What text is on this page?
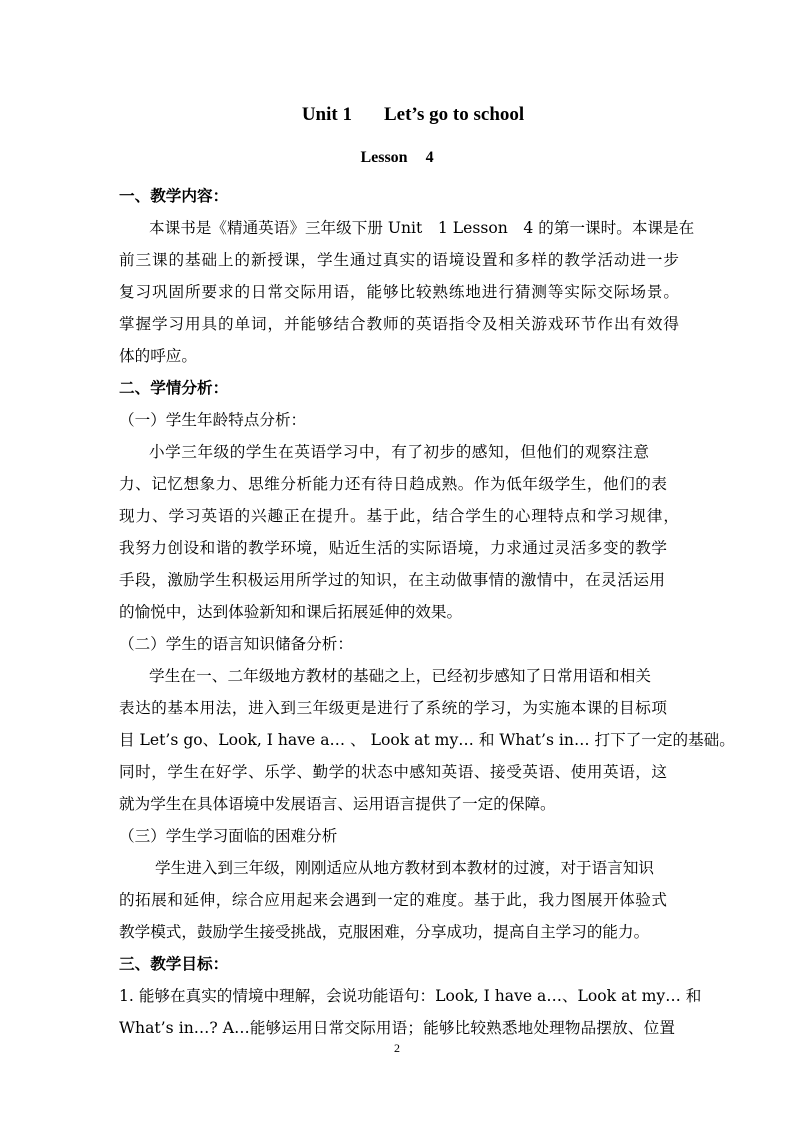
Unit 1 Let’s go to school
Lesson 4
一、教学内容：
本课书是《精通英语》三年级下册 Unit　1 Lesson　4 的第一课时。本课是在
前三课的基础上的新授课，学生通过真实的语境设置和多样的教学活动进一步
复习巩固所要求的日常交际用语，能够比较熟练地进行猜测等实际交际场景。
掌握学习用具的单词，并能够结合教师的英语指令及相关游戏环节作出有效得
体的呼应。
二、学情分析：
（一）学生年龄特点分析：
小学三年级的学生在英语学习中，有了初步的感知，但他们的观察注意
力、记忆想象力、思维分析能力还有待日趋成熟。作为低年级学生，他们的表
现力、学习英语的兴趣正在提升。基于此，结合学生的心理特点和学习规律，
我努力创设和谐的教学环境，贴近生活的实际语境，力求通过灵活多变的教学
手段，激励学生积极运用所学过的知识，在主动做事情的激情中，在灵活运用
的愉悦中，达到体验新知和课后拓展延伸的效果。
（二）学生的语言知识储备分析：
学生在一、二年级地方教材的基础之上，已经初步感知了日常用语和相关
表达的基本用法，进入到三年级更是进行了系统的学习，为实施本课的目标项
目 Let’s go、Look, I have a… 、 Look at my… 和 What’s in… 打下了一定的基础。
同时，学生在好学、乐学、勤学的状态中感知英语、接受英语、使用英语，这
就为学生在具体语境中发展语言、运用语言提供了一定的保障。
（三）学生学习面临的困难分析
学生进入到三年级，刚刚适应从地方教材到本教材的过渡，对于语言知识
的拓展和延伸，综合应用起来会遇到一定的难度。基于此，我力图展开体验式
教学模式，鼓励学生接受挑战，克服困难，分享成功，提高自主学习的能力。
三、教学目标：
1. 能够在真实的情境中理解，会说功能语句：Look, I have a…、Look at my… 和
What’s in…? A…能够运用日常交际用语；能够比较熟悉地处理物品摆放、位置
2
